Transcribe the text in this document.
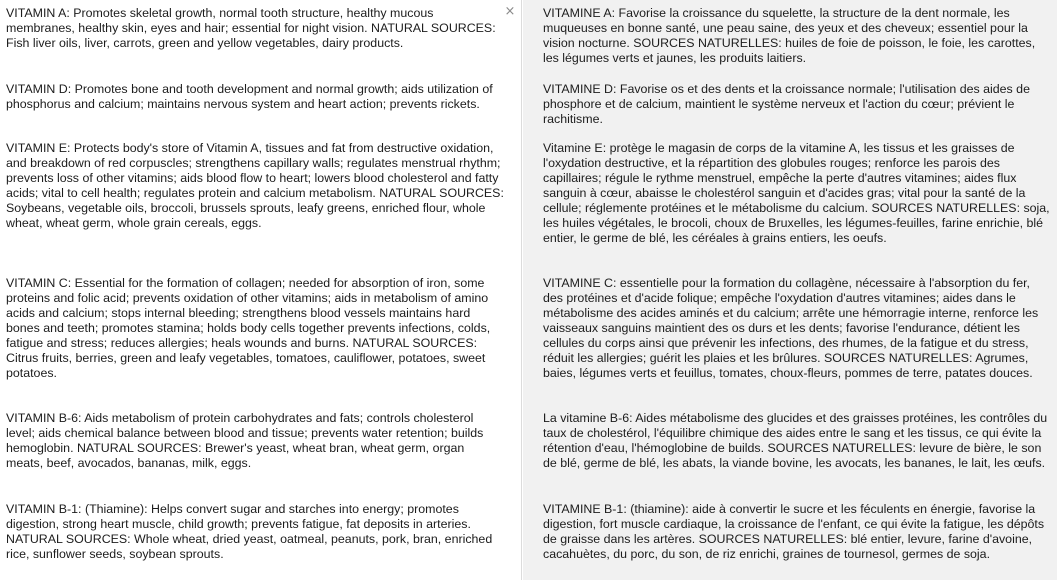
×

VITAMIN A: Promotes skeletal growth, normal tooth structure, healthy mucous membranes, healthy skin, eyes and hair; essential for night vision. NATURAL SOURCES: Fish liver oils, liver, carrots, green and yellow vegetables, dairy products.

VITAMIN D: Promotes bone and tooth development and normal growth; aids utilization of phosphorus and calcium; maintains nervous system and heart action; prevents rickets.

VITAMIN E: Protects body's store of Vitamin A, tissues and fat from destructive oxidation, and breakdown of red corpuscles; strengthens capillary walls; regulates menstrual rhythm; prevents loss of other vitamins; aids blood flow to heart; lowers blood cholesterol and fatty acids; vital to cell health; regulates protein and calcium metabolism. NATURAL SOURCES: Soybeans, vegetable oils, broccoli, brussels sprouts, leafy greens, enriched flour, whole wheat, wheat germ, whole grain cereals, eggs.

VITAMIN C: Essential for the formation of collagen; needed for absorption of iron, some proteins and folic acid; prevents oxidation of other vitamins; aids in metabolism of amino acids and calcium; stops internal bleeding; strengthens blood vessels maintains hard bones and teeth; promotes stamina; holds body cells together prevents infections, colds, fatigue and stress; reduces allergies; heals wounds and burns. NATURAL SOURCES: Citrus fruits, berries, green and leafy vegetables, tomatoes, cauliflower, potatoes, sweet potatoes.

VITAMIN B-6: Aids metabolism of protein carbohydrates and fats; controls cholesterol level; aids chemical balance between blood and tissue; prevents water retention; builds hemoglobin. NATURAL SOURCES: Brewer's yeast, wheat bran, wheat germ, organ meats, beef, avocados, bananas, milk, eggs.

VITAMIN B-1: (Thiamine): Helps convert sugar and starches into energy; promotes digestion, strong heart muscle, child growth; prevents fatigue, fat deposits in arteries. NATURAL SOURCES: Whole wheat, dried yeast, oatmeal, peanuts, pork, bran, enriched rice, sunflower seeds, soybean sprouts.

VITAMINE A: Favorise la croissance du squelette, la structure de la dent normale, les muqueuses en bonne santé, une peau saine, des yeux et des cheveux; essentiel pour la vision nocturne. SOURCES NATURELLES: huiles de foie de poisson, le foie, les carottes, les légumes verts et jaunes, les produits laitiers.

VITAMINE D: Favorise os et des dents et la croissance normale; l'utilisation des aides de phosphore et de calcium, maintient le système nerveux et l'action du cœur; prévient le rachitisme.

Vitamine E: protège le magasin de corps de la vitamine A, les tissus et les graisses de l'oxydation destructive, et la répartition des globules rouges; renforce les parois des capillaires; régule le rythme menstruel, empêche la perte d'autres vitamines; aides flux sanguin à cœur, abaisse le cholestérol sanguin et d'acides gras; vital pour la santé de la cellule; réglemente protéines et le métabolisme du calcium. SOURCES NATURELLES: soja, les huiles végétales, le brocoli, choux de Bruxelles, les légumes-feuilles, farine enrichie, blé entier, le germe de blé, les céréales à grains entiers, les oeufs.

VITAMINE C: essentielle pour la formation du collagène, nécessaire à l'absorption du fer, des protéines et d'acide folique; empêche l'oxydation d'autres vitamines; aides dans le métabolisme des acides aminés et du calcium; arrête une hémorragie interne, renforce les vaisseaux sanguins maintient des os durs et les dents; favorise l'endurance, détient les cellules du corps ainsi que prévenir les infections, des rhumes, de la fatigue et du stress, réduit les allergies; guérit les plaies et les brûlures. SOURCES NATURELLES: Agrumes, baies, légumes verts et feuillus, tomates, choux-fleurs, pommes de terre, patates douces.

La vitamine B-6: Aides métabolisme des glucides et des graisses protéines, les contrôles du taux de cholestérol, l'équilibre chimique des aides entre le sang et les tissus, ce qui évite la rétention d'eau, l'hémoglobine de builds. SOURCES NATURELLES: levure de bière, le son de blé, germe de blé, les abats, la viande bovine, les avocats, les bananes, le lait, les œufs.

VITAMINE B-1: (thiamine): aide à convertir le sucre et les féculents en énergie, favorise la digestion, fort muscle cardiaque, la croissance de l'enfant, ce qui évite la fatigue, les dépôts de graisse dans les artères. SOURCES NATURELLES: blé entier, levure, farine d'avoine, cacahuètes, du porc, du son, de riz enrichi, graines de tournesol, germes de soja.
